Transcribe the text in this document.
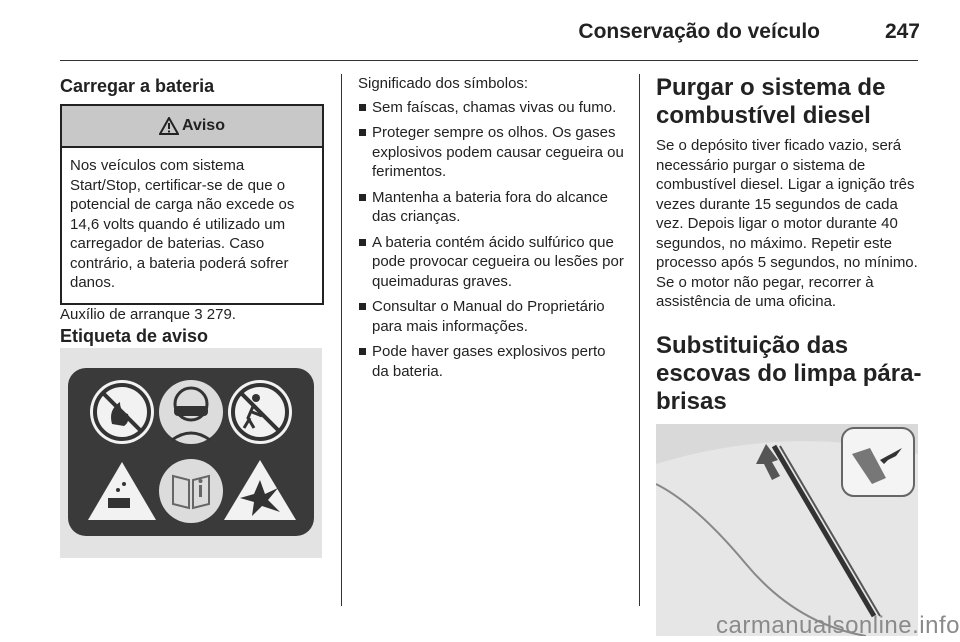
Conservação do veículo	247
Carregar a bateria
Aviso
Nos veículos com sistema Start/Stop, certificar-se de que o potencial de carga não excede os 14,6 volts quando é utilizado um carregador de baterias. Caso contrário, a bateria poderá sofrer danos.

Auxílio de arranque 3 279.

Etiqueta de aviso

Significado dos símbolos:

Sem faíscas, chamas vivas ou fumo.
Proteger sempre os olhos. Os gases explosivos podem causar cegueira ou ferimentos.
Mantenha a bateria fora do alcance das crianças.
A bateria contém ácido sulfúrico que pode provocar cegueira ou lesões por queimaduras graves.
Consultar o Manual do Proprietário para mais informações.
Pode haver gases explosivos perto da bateria.
Purgar o sistema de combustível diesel

Se o depósito tiver ficado vazio, será necessário purgar o sistema de combustível diesel. Ligar a ignição três vezes durante 15 segundos de cada vez. Depois ligar o motor durante 40 segundos, no máximo. Repetir este processo após 5 segundos, no mínimo. Se o motor não pegar, recorrer à assistência de uma oficina.

Substituição das escovas do limpa pára-brisas
carmanualsonline.info
